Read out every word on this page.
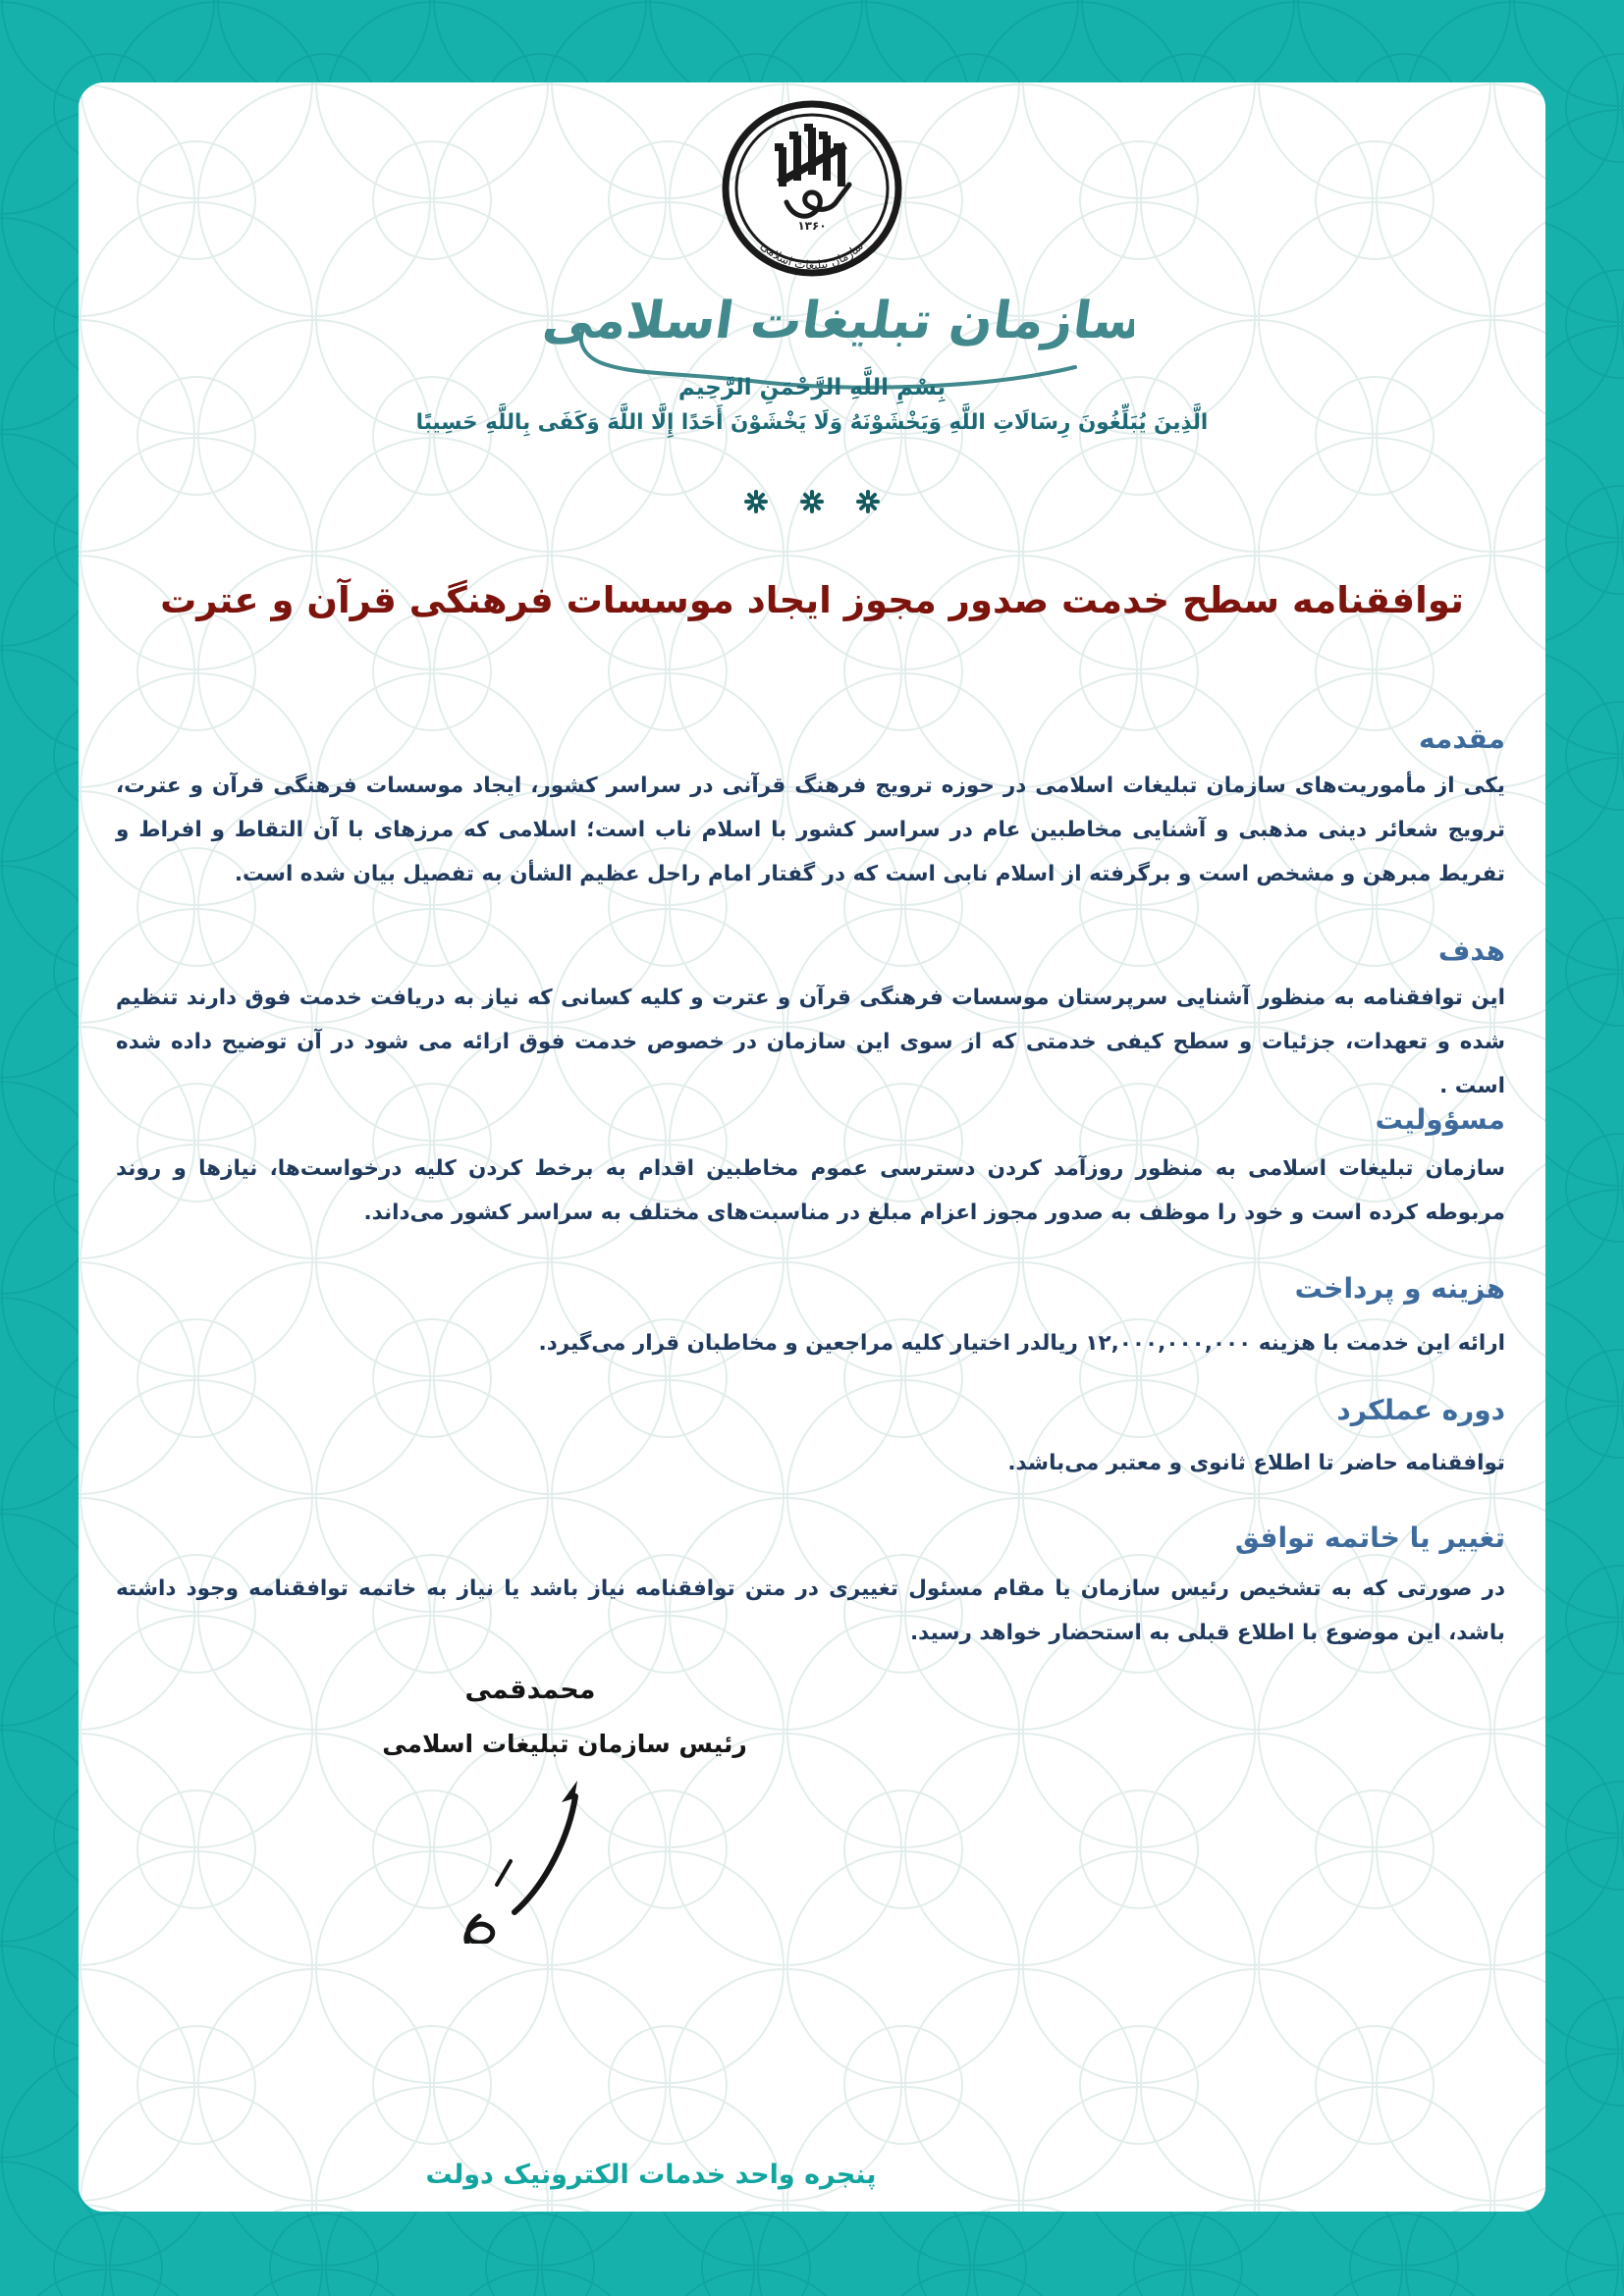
۱۳۶۰
سازمان تبلیغات اسلامی
سازمان تبلیغات اسلامی
بِسْمِ اللَّهِ الرَّحْمَنِ الرَّحِيم
الَّذِينَ يُبَلِّغُونَ رِسَالَاتِ اللَّهِ وَيَخْشَوْنَهُ وَلَا يَخْشَوْنَ أَحَدًا إِلَّا اللَّهَ وَكَفَى بِاللَّهِ حَسِيبًا

توافقنامه سطح خدمت صدور مجوز ایجاد موسسات فرهنگی قرآن و عترت
مقدمه
یکی از مأموریت‌های سازمان تبلیغات اسلامی در حوزه ترویج فرهنگ قرآنی در سراسر کشور، ایجاد موسسات فرهنگی قرآن و عترت، ترویج شعائر دینی مذهبی و آشنایی مخاطبین عام در سراسر کشور با اسلام ناب است؛ اسلامی که مرزهای با آن التقاط و افراط و تفریط مبرهن و مشخص است و برگرفته از اسلام نابی است که در گفتار امام راحل عظیم الشأن به تفصیل بیان شده است.
هدف
این توافقنامه به منظور آشنایی سرپرستان موسسات فرهنگی قرآن و عترت و کلیه کسانی که نیاز به دریافت خدمت فوق دارند تنظیم شده و تعهدات، جزئیات و سطح کیفی خدمتی که از سوی این سازمان در خصوص خدمت فوق ارائه می شود در آن توضیح داده شده است .
مسؤولیت
سازمان تبلیغات اسلامی به منظور روزآمد کردن دسترسی عموم مخاطبین اقدام به برخط کردن کلیه درخواست‌ها، نیازها و روند مربوطه کرده است و خود را موظف به صدور مجوز اعزام مبلغ در مناسبت‌های مختلف به سراسر کشور می‌داند.
هزینه و پرداخت
ارائه این خدمت با هزینه ۱۲,۰۰۰,۰۰۰,۰۰۰ ریالدر اختیار کلیه مراجعین و مخاطبان قرار می‌گیرد.
دوره عملکرد
توافقنامه حاضر تا اطلاع ثانوی و معتبر می‌باشد.
تغییر یا خاتمه توافق
در صورتی که به تشخیص رئیس سازمان یا مقام مسئول تغییری در متن توافقنامه نیاز باشد یا نیاز به خاتمه توافقنامه وجود داشته باشد، این موضوع با اطلاع قبلی به استحضار خواهد رسید.
محمدقمی
رئیس سازمان تبلیغات اسلامی
پنجره واحد خدمات الکترونیک دولت
